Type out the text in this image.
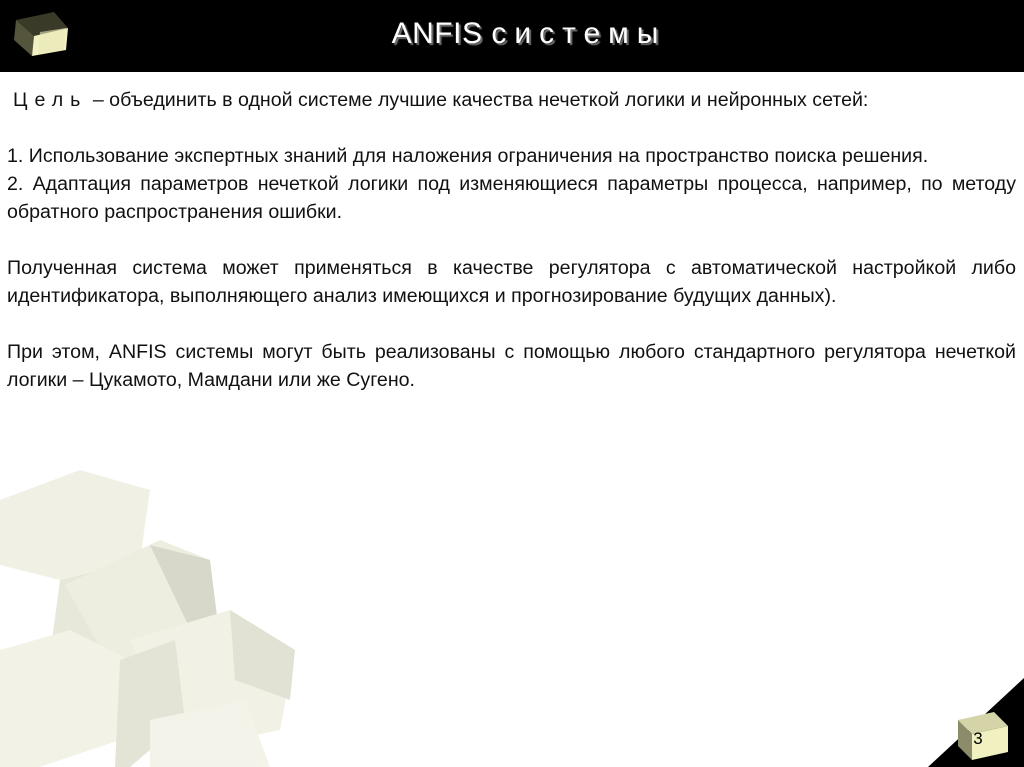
ANFIS системы

Цель – объединить в одной системе лучшие качества нечеткой логики и нейронных сетей:

1. Использование экспертных знаний для наложения ограничения на пространство поиска решения.

2. Адаптация параметров нечеткой логики под изменяющиеся параметры процесса, например, по методу обратного распространения ошибки.

Полученная система может применяться в качестве регулятора с автоматической настройкой либо идентификатора, выполняющего анализ имеющихся и прогнозирование будущих данных).

При этом, ANFIS системы могут быть реализованы с помощью любого стандартного регулятора нечеткой логики – Цукамото, Мамдани или же Сугено.

3
